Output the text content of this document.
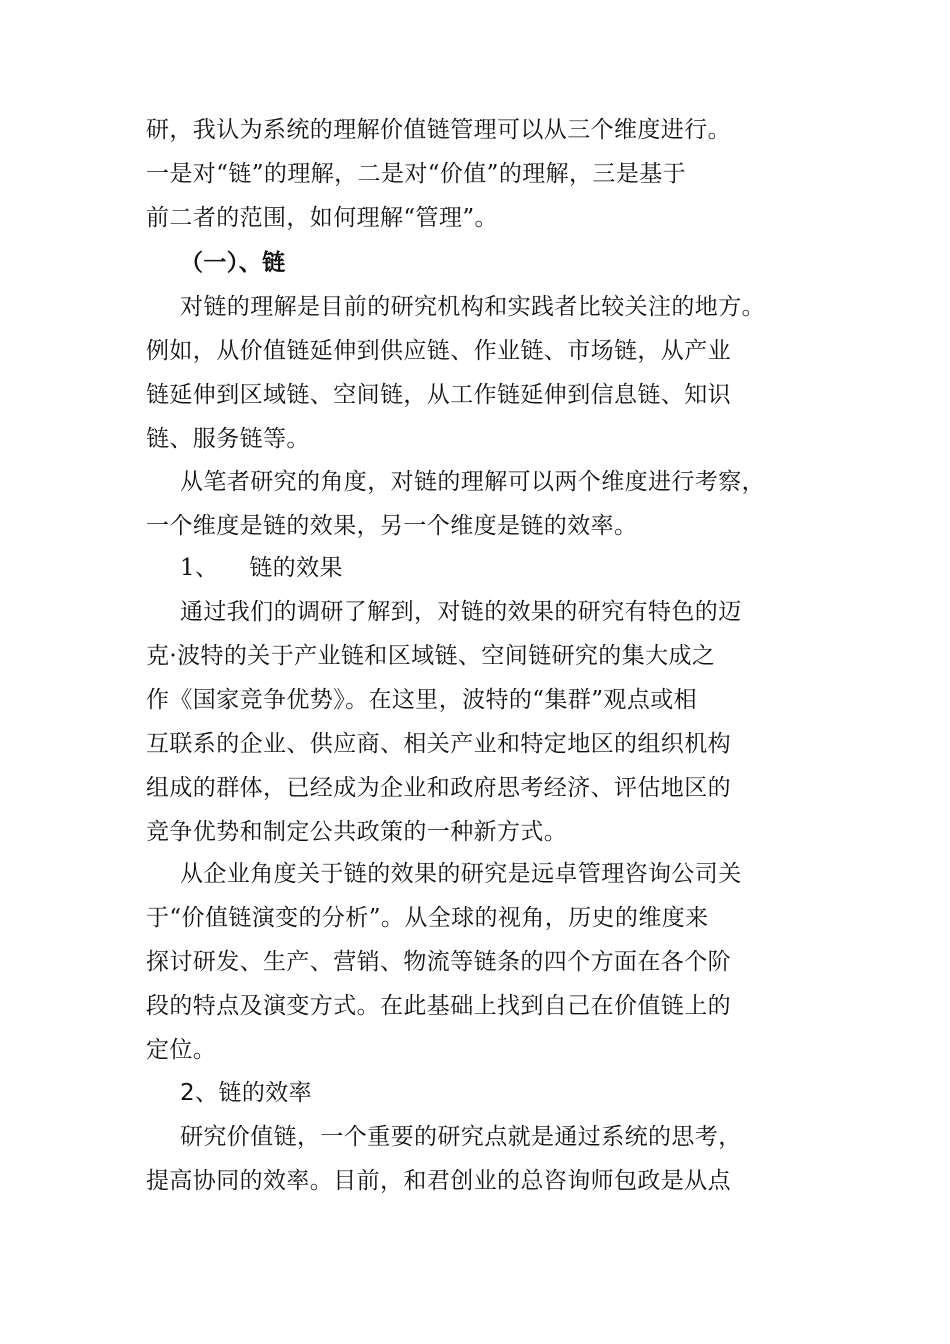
研，我认为系统的理解价值链管理可以从三个维度进行。
一是对“链”的理解，二是对“价值”的理解，三是基于
前二者的范围，如何理解“管理”。
（一）、链
对链的理解是目前的研究机构和实践者比较关注的地方。
例如，从价值链延伸到供应链、作业链、市场链，从产业
链延伸到区域链、空间链，从工作链延伸到信息链、知识
链、服务链等。
从笔者研究的角度，对链的理解可以两个维度进行考察，
一个维度是链的效果，另一个维度是链的效率。
1、    链的效果
通过我们的调研了解到，对链的效果的研究有特色的迈
克·波特的关于产业链和区域链、空间链研究的集大成之
作《国家竞争优势》。在这里，波特的“集群”观点或相
互联系的企业、供应商、相关产业和特定地区的组织机构
组成的群体，已经成为企业和政府思考经济、评估地区的
竞争优势和制定公共政策的一种新方式。
从企业角度关于链的效果的研究是远卓管理咨询公司关
于“价值链演变的分析”。从全球的视角，历史的维度来
探讨研发、生产、营销、物流等链条的四个方面在各个阶
段的特点及演变方式。在此基础上找到自己在价值链上的
定位。
2、链的效率
研究价值链，一个重要的研究点就是通过系统的思考，
提高协同的效率。目前，和君创业的总咨询师包政是从点
